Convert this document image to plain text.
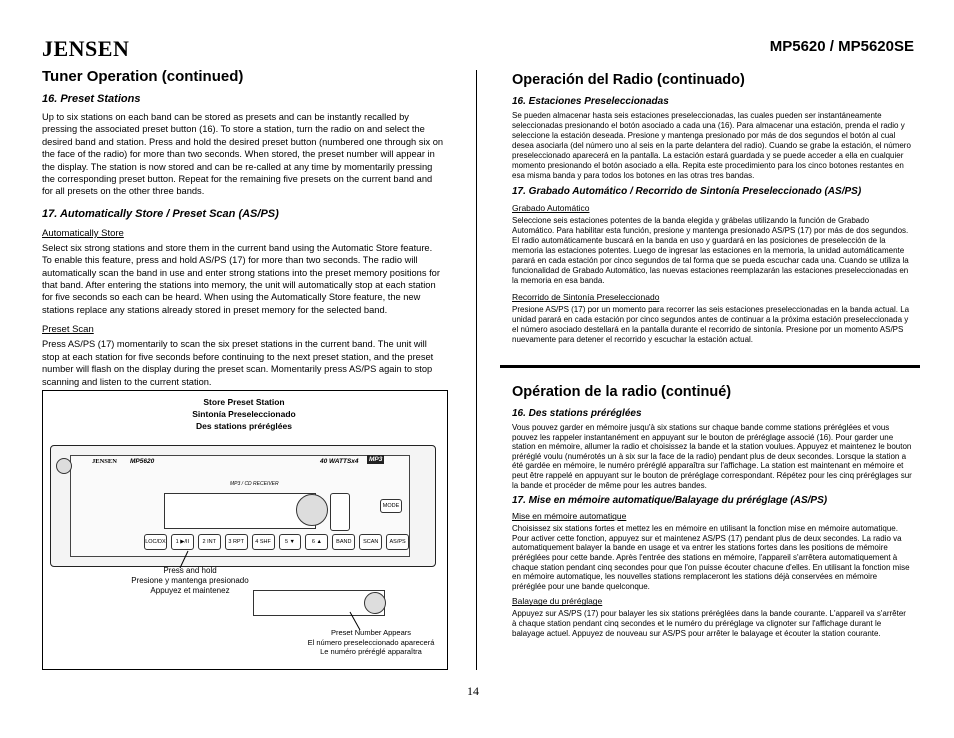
JENSEN	MP5620 / MP5620SE
Tuner Operation (continued)
16. Preset Stations
Up to six stations on each band can be stored as presets and can be instantly recalled by pressing the associated preset button (16). To store a station, turn the radio on and select the desired band and station. Press and hold the desired preset button (numbered one through six on the face of the radio) for more than two seconds. When stored, the preset number will appear in the display. The station is now stored and can be re-called at any time by momentarily pressing the corresponding preset button. Repeat for the remaining five presets on the current band and for all presets on the other three bands.
17. Automatically Store / Preset Scan (AS/PS)
Automatically Store
Select six strong stations and store them in the current band using the Automatic Store feature. To enable this feature, press and hold AS/PS (17) for more than two seconds. The radio will automatically scan the band in use and enter strong stations into the preset memory positions for that band. After entering the stations into memory, the unit will automatically stop at each station for five seconds so each can be heard. When using the Automatically Store feature, the new stations replace any stations already stored in preset memory for the selected band.
Preset Scan
Press AS/PS (17) momentarily to scan the six preset stations in the current band. The unit will stop at each station for five seconds before continuing to the next preset station, and the preset number will flash on the display during the preset scan. Momentarily press AS/PS again to stop scanning and listen to the current station.
Store Preset Station
Sintonía Preseleccionado
Des stations préréglées
MP5620
JENSEN	40 WATTSx4	MP3
MP3 / CD RECEIVER
MODE
LOC/DX	1 ▶/II	2 INT	3 RPT	4 SHF	5 ▼	6 ▲	BAND	SCAN	AS/PS
Press and hold
Presione y mantenga presionado
Appuyez et maintenez
Preset Number Appears
El número preseleccionado aparecerá
Le numéro préréglé apparaîtra
Operación del Radio (continuado)
16. Estaciones Preseleccionadas
Se pueden almacenar hasta seis estaciones preseleccionadas, las cuales pueden ser instantáneamente seleccionadas presionando el botón asociado a cada una (16). Para almacenar una estación, prenda el radio y seleccione la estación deseada. Presione y mantenga presionado por más de dos segundos el botón al cual desea asociarla (del número uno al seis en la parte delantera del radio). Cuando se grabe la estación, el número preseleccionado aparecerá en la pantalla. La estación estará guardada y se puede acceder a ella en cualquier momento presionando el botón asociado a ella. Repita este procedimiento para los cinco botones restantes en esa misma banda y para todos los botones en las otras tres bandas.
17. Grabado Automático / Recorrido de Sintonía Preseleccionado (AS/PS)
Grabado Automático
Seleccione seis estaciones potentes de la banda elegida y grábelas utilizando la función de Grabado Automático. Para habilitar esta función, presione y mantenga presionado AS/PS (17) por más de dos segundos. El radio automáticamente buscará en la banda en uso y guardará en las posiciones de preselección de la memoria las estaciones potentes. Luego de ingresar las estaciones en la memoria, la unidad automáticamente parará en cada estación por cinco segundos de tal forma que se pueda escuchar cada una. Cuando se utiliza la funcionalidad de Grabado Automático, las nuevas estaciones reemplazarán las estaciones preseleccionadas en la memoria en esa banda.
Recorrido de Sintonía Preseleccionado
Presione AS/PS (17) por un momento para recorrer las seis estaciones preseleccionadas en la banda actual. La unidad parará en cada estación por cinco segundos antes de continuar a la próxima estación preseleccionada y el número asociado destellará en la pantalla durante el recorrido de sintonía. Presione por un momento AS/PS nuevamente para detener el recorrido y escuchar la estación actual.
Opération de la radio (continué)
16. Des stations préréglées
Vous pouvez garder en mémoire jusqu'à six stations sur chaque bande comme stations préréglées et vous pouvez les rappeler instantanément en appuyant sur le bouton de préréglage associé (16). Pour garder une station en mémoire, allumer la radio et choisissez la bande et la station voulues. Appuyez et maintenez le bouton préréglé voulu (numérotés un à six sur la face de la radio) pendant plus de deux secondes. Lorsque la station a été gardée en mémoire, le numéro préréglé apparaîtra sur l'affichage. La station est maintenant en mémoire et peut être rappelé en appuyant sur le bouton de préréglage correspondant. Répétez pour les cinq préréglages sur la bande et procéder de même pour les autres bandes.
17. Mise en mémoire automatique/Balayage du préréglage (AS/PS)
Mise en mémoire automatique
Choisissez six stations fortes et mettez les en mémoire en utilisant la fonction mise en mémoire automatique. Pour activer cette fonction, appuyez sur et maintenez AS/PS (17) pendant plus de deux secondes. La radio va automatiquement balayer la bande en usage et va entrer les stations fortes dans les positions de mémoire préréglées pour cette bande. Après l'entrée des stations en mémoire, l'appareil s'arrêtera automatiquement à chaque station pendant cinq secondes pour que l'on puisse écouter chacune d'elles. En utilisant la fonction mise en mémoire automatique, les nouvelles stations remplaceront les stations déjà conservées en mémoire préréglée pour une bande quelconque.
Balayage du préréglage
Appuyez sur AS/PS (17) pour balayer les six stations préréglées dans la bande courante. L'appareil va s'arrêter à chaque station pendant cinq secondes et le numéro du préréglage va clignoter sur l'affichage durant le balayage actuel. Appuyez de nouveau sur AS/PS pour arrêter le balayage et écouter la station courante.
14
